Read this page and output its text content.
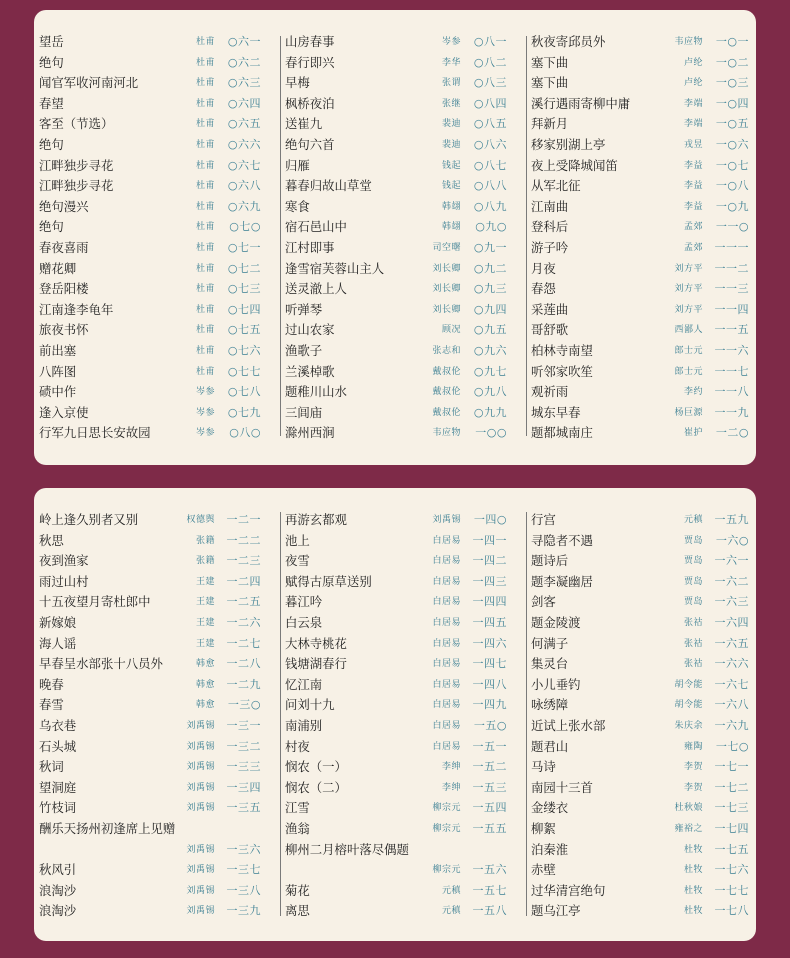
望岳	杜甫 ○六一
绝句	杜甫 ○六二
闻官军收河南河北	杜甫 ○六三
春望	杜甫 ○六四
客至（节选）	杜甫 ○六五
绝句	杜甫 ○六六
江畔独步寻花	杜甫 ○六七
江畔独步寻花	杜甫 ○六八
绝句漫兴	杜甫 ○六九
绝句	杜甫 ○七○
春夜喜雨	杜甫 ○七一
赠花卿	杜甫 ○七二
登岳阳楼	杜甫 ○七三
江南逢李龟年	杜甫 ○七四
旅夜书怀	杜甫 ○七五
前出塞	杜甫 ○七六
八阵图	杜甫 ○七七
碛中作	岑参 ○七八
逢入京使	岑参 ○七九
行军九日思长安故园	岑参 ○八○
山房春事	岑参 ○八一
春行即兴	李华 ○八二
早梅	张谓 ○八三
枫桥夜泊	张继 ○八四
送崔九	裴迪 ○八五
绝句六首	裴迪 ○八六
归雁	钱起 ○八七
暮春归故山草堂	钱起 ○八八
寒食	韩翃 ○八九
宿石邑山中	韩翃 ○九○
江村即事	司空曙 ○九一
逢雪宿芙蓉山主人	刘长卿 ○九二
送灵澈上人	刘长卿 ○九三
听弹琴	刘长卿 ○九四
过山农家	顾况 ○九五
渔歌子	张志和 ○九六
兰溪棹歌	戴叔伦 ○九七
题稚川山水	戴叔伦 ○九八
三闾庙	戴叔伦 ○九九
滁州西涧	韦应物 一○○
秋夜寄邱员外	韦应物 一○一
塞下曲	卢纶 一○二
塞下曲	卢纶 一○三
溪行遇雨寄柳中庸	李端 一○四
拜新月	李端 一○五
移家别湖上亭	戎昱 一○六
夜上受降城闻笛	李益 一○七
从军北征	李益 一○八
江南曲	李益 一○九
登科后	孟郊 一一○
游子吟	孟郊 一一一
月夜	刘方平 一一二
春怨	刘方平 一一三
采莲曲	刘方平 一一四
哥舒歌	西鄙人 一一五
柏林寺南望	郎士元 一一六
听邻家吹笙	郎士元 一一七
观祈雨	李约 一一八
城东早春	杨巨源 一一九
题都城南庄	崔护 一二○
岭上逢久别者又别	权德舆 一二一
秋思	张籍 一二二
夜到渔家	张籍 一二三
雨过山村	王建 一二四
十五夜望月寄杜郎中	王建 一二五
新嫁娘	王建 一二六
海人谣	王建 一二七
早春呈水部张十八员外	韩愈 一二八
晚春	韩愈 一二九
春雪	韩愈 一三○
乌衣巷	刘禹锡 一三一
石头城	刘禹锡 一三二
秋词	刘禹锡 一三三
望洞庭	刘禹锡 一三四
竹枝词	刘禹锡 一三五
酬乐天扬州初逢席上见赠
刘禹锡 一三六
秋风引	刘禹锡 一三七
浪淘沙	刘禹锡 一三八
浪淘沙	刘禹锡 一三九
再游玄都观	刘禹锡 一四○
池上	白居易 一四一
夜雪	白居易 一四二
赋得古原草送别	白居易 一四三
暮江吟	白居易 一四四
白云泉	白居易 一四五
大林寺桃花	白居易 一四六
钱塘湖春行	白居易 一四七
忆江南	白居易 一四八
问刘十九	白居易 一四九
南浦别	白居易 一五○
村夜	白居易 一五一
悯农（一）	李绅 一五二
悯农（二）	李绅 一五三
江雪	柳宗元 一五四
渔翁	柳宗元 一五五
柳州二月榕叶落尽偶题
柳宗元 一五六
菊花	元稹 一五七
离思	元稹 一五八
行宫	元稹 一五九
寻隐者不遇	贾岛 一六○
题诗后	贾岛 一六一
题李凝幽居	贾岛 一六二
剑客	贾岛 一六三
题金陵渡	张祜 一六四
何满子	张祜 一六五
集灵台	张祜 一六六
小儿垂钓	胡令能 一六七
咏绣障	胡令能 一六八
近试上张水部	朱庆余 一六九
题君山	雍陶 一七○
马诗	李贺 一七一
南园十三首	李贺 一七二
金缕衣	杜秋娘 一七三
柳絮	雍裕之 一七四
泊秦淮	杜牧 一七五
赤壁	杜牧 一七六
过华清宫绝句	杜牧 一七七
题乌江亭	杜牧 一七八
